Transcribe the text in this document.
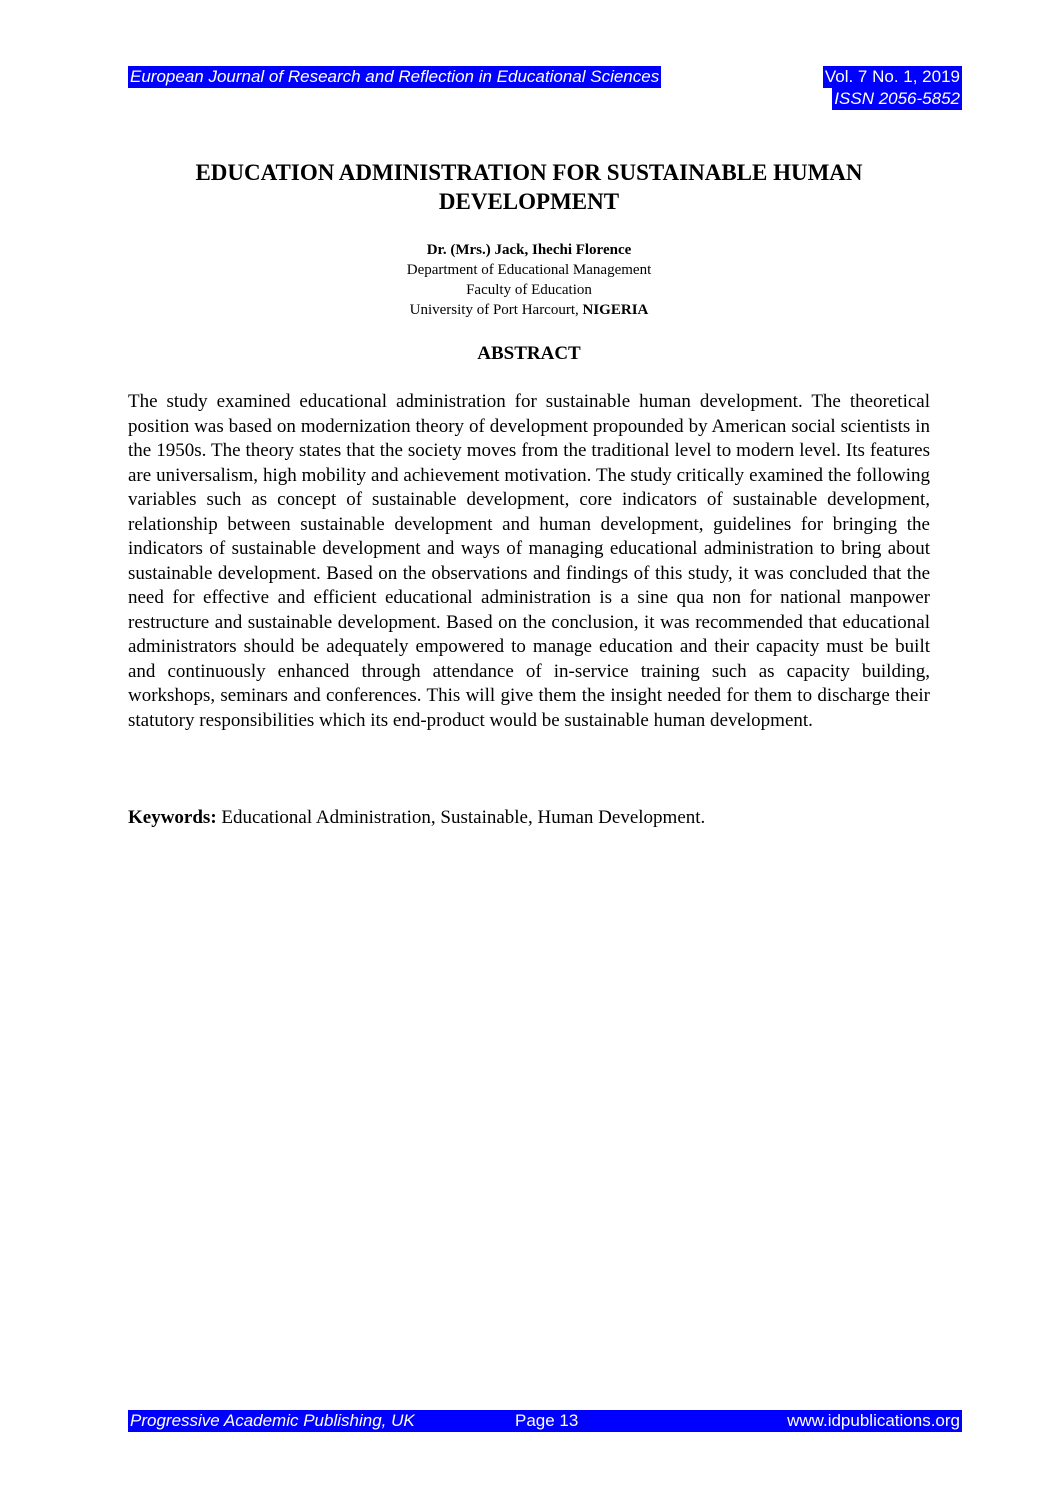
European Journal of Research and Reflection in Educational Sciences	Vol. 7 No. 1, 2019
ISSN 2056-5852
EDUCATION ADMINISTRATION FOR SUSTAINABLE HUMAN
DEVELOPMENT
Dr. (Mrs.) Jack, Ihechi Florence
Department of Educational Management
Faculty of Education
University of Port Harcourt, NIGERIA
ABSTRACT

The study examined educational administration for sustainable human development. The theoretical position was based on modernization theory of development propounded by American social scientists in the 1950s. The theory states that the society moves from the traditional level to modern level. Its features are universalism, high mobility and achievement motivation. The study critically examined the following variables such as concept of sustainable development, core indicators of sustainable development, relationship between sustainable development and human development, guidelines for bringing the indicators of sustainable development and ways of managing educational administration to bring about sustainable development. Based on the observations and findings of this study, it was concluded that the need for effective and efficient educational administration is a sine qua non for national manpower restructure and sustainable development. Based on the conclusion, it was recommended that educational administrators should be adequately empowered to manage education and their capacity must be built and continuously enhanced through attendance of in-service training such as capacity building, workshops, seminars and conferences. This will give them the insight needed for them to discharge their statutory responsibilities which its end-product would be sustainable human development.

Keywords: Educational Administration, Sustainable, Human Development.

Progressive Academic Publishing, UK	Page 13	www.idpublications.org
